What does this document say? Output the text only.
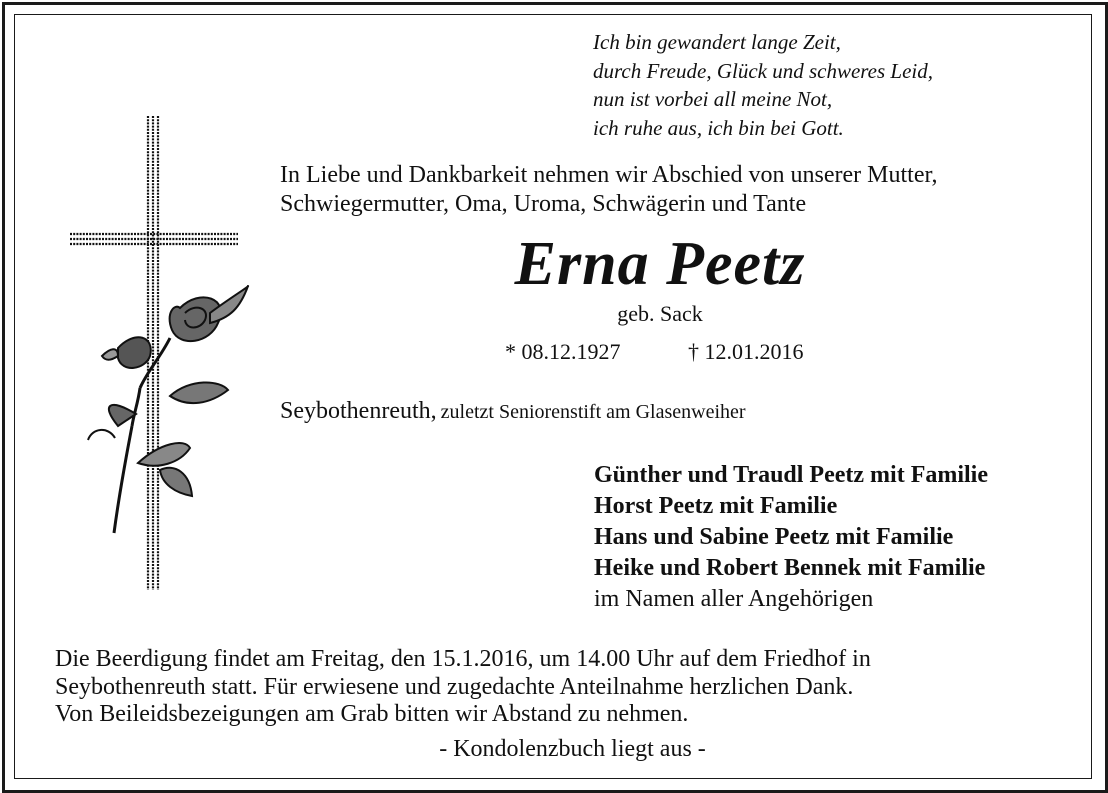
Ich bin gewandert lange Zeit,
durch Freude, Glück und schweres Leid,
nun ist vorbei all meine Not,
ich ruhe aus, ich bin bei Gott.
In Liebe und Dankbarkeit nehmen wir Abschied von unserer Mutter,
Schwiegermutter, Oma, Uroma, Schwägerin und Tante
Erna Peetz
geb. Sack
* 08.12.1927	† 12.01.2016
Seybothenreuth, zuletzt Seniorenstift am Glasenweiher
Günther und Traudl Peetz mit Familie
Horst Peetz mit Familie
Hans und Sabine Peetz mit Familie
Heike und Robert Bennek mit Familie
im Namen aller Angehörigen
Die Beerdigung findet am Freitag, den 15.1.2016, um 14.00 Uhr auf dem Friedhof in
Seybothenreuth statt. Für erwiesene und zugedachte Anteilnahme herzlichen Dank.
Von Beileidsbezeigungen am Grab bitten wir Abstand zu nehmen.
- Kondolenzbuch liegt aus -
